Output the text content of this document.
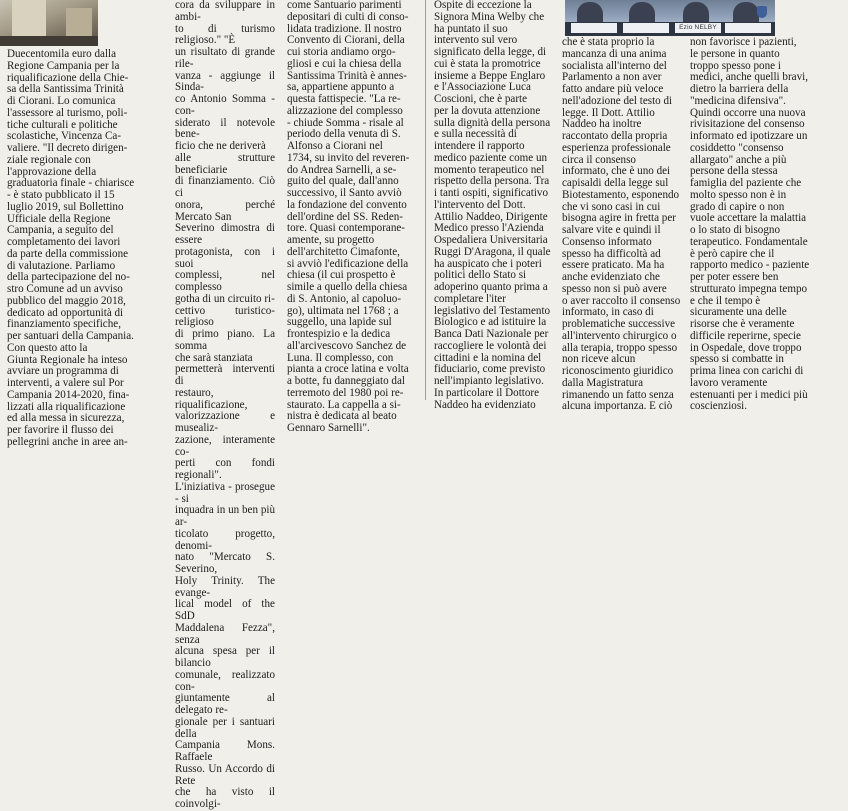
Ezio NELBY

Duecentomila euro dalla
Regione Campania per la
riqualificazione della Chie-
sa della Santissima Trinità
di Ciorani. Lo comunica
l'assessore al turismo, poli-
tiche culturali e politiche
scolastiche, Vincenza Ca-
valiere. "Il decreto dirigen-
ziale regionale con
l'approvazione della
graduatoria finale - chiarisce
- è stato pubblicato il 15
luglio 2019, sul Bollettino
Ufficiale della Regione
Campania, a seguito del
completamento dei lavori
da parte della commissione
di valutazione. Parliamo
della partecipazione del no-
stro Comune ad un avviso
pubblico del maggio 2018,
dedicato ad opportunità di
finanziamento specifiche,
per santuari della Campania.
Con questo atto la
Giunta Regionale ha inteso
avviare un programma di
interventi, a valere sul Por
Campania 2014-2020, fina-
lizzati alla riqualificazione
ed alla messa in sicurezza,
per favorire il flusso dei
pellegrini anche in aree an-

cora da sviluppare in ambi-
to di turismo religioso." "È
un risultato di grande rile-
vanza - aggiunge il Sinda-
co Antonio Somma - con-
siderato il notevole bene-
ficio che ne deriverà
alle strutture beneficiarie
di finanziamento. Ciò ci
onora, perché Mercato San
Severino dimostra di essere
protagonista, con i suoi
complessi, nel complesso
gotha di un circuito ri-
cettivo turistico-religioso
di primo piano. La somma
che sarà stanziata
permetterà interventi di
restauro, riqualificazione,
valorizzazione e musealiz-
zazione, interamente co-
perti con fondi regionali".
L'iniziativa - prosegue - si
inquadra in un ben più ar-
ticolato progetto, denomi-
nato "Mercato S. Severino,
Holy Trinity. The evange-
lical model of the SdD
Maddalena Fezza", senza
alcuna spesa per il bilancio
comunale, realizzato con-
giuntamente al delegato re-
gionale per i santuari della
Campania Mons. Raffaele
Russo. Un Accordo di Rete
che ha visto il coinvolgi-

come Santuario parimenti
depositari di culti di conso-
lidata tradizione. Il nostro
Convento di Ciorani, della
cui storia andiamo orgo-
gliosi e cui la chiesa della
Santissima Trinità è annes-
sa, appartiene appunto a
questa fattispecie. "La re-
alizzazione del complesso
- chiude Somma - risale al
periodo della venuta di S.
Alfonso a Ciorani nel
1734, su invito del reveren-
do Andrea Sarnelli, a se-
guito del quale, dall'anno
successivo, il Santo avviò
la fondazione del convento
dell'ordine del SS. Reden-
tore. Quasi contemporane-
amente, su progetto
dell'architetto Cimafonte,
si avviò l'edificazione della
chiesa (il cui prospetto è
simile a quello della chiesa
di S. Antonio, al capoluo-
go), ultimata nel 1768 ; a
suggello, una lapide sul
frontespizio e la dedica
all'arcivescovo Sanchez de
Luna. Il complesso, con
pianta a croce latina e volta
a botte, fu danneggiato dal
terremoto del 1980 poi re-
staurato. La cappella a si-
nistra è dedicata al beato
Gennaro Sarnelli".

Ospite di eccezione la
Signora Mina Welby che
ha puntato il suo
intervento sul vero
significato della legge, di
cui è stata la promotrice
insieme a Beppe Englaro
e l'Associazione Luca
Coscioni, che è parte
per la dovuta attenzione
sulla dignità della persona
e sulla necessità di
intendere il rapporto
medico paziente come un
momento terapeutico nel
rispetto della persona. Tra
i tanti ospiti, significativo
l'intervento del Dott.
Attilio Naddeo, Dirigente
Medico presso l'Azienda
Ospedaliera Universitaria
Ruggi D'Aragona, il quale
ha auspicato che i poteri
politici dello Stato si
adoperino quanto prima a
completare l'iter
legislativo del Testamento
Biologico e ad istituire la
Banca Dati Nazionale per
raccogliere le volontà dei
cittadini e la nomina del
fiduciario, come previsto
nell'impianto legislativo.
In particolare il Dottore
Naddeo ha evidenziato

che è stata proprio la
mancanza di una anima
socialista all'interno del
Parlamento a non aver
fatto andare più veloce
nell'adozione del testo di
legge. Il Dott. Attilio
Naddeo ha inoltre
raccontato della propria
esperienza professionale
circa il consenso
informato, che è uno dei
capisaldi della legge sul
Biotestamento, esponendo
che vi sono casi in cui
bisogna agire in fretta per
salvare vite e quindi il
Consenso informato
spesso ha difficoltà ad
essere praticato. Ma ha
anche evidenziato che
spesso non si può avere
o aver raccolto il consenso
informato, in caso di
problematiche successive
all'intervento chirurgico o
alla terapia, troppo spesso
non riceve alcun
riconoscimento giuridico
dalla Magistratura
rimanendo un fatto senza
alcuna importanza. E ciò

non favorisce i pazienti,
le persone in quanto
troppo spesso pone i
medici, anche quelli bravi,
dietro la barriera della
"medicina difensiva".
Quindi occorre una nuova
rivisitazione del consenso
informato ed ipotizzare un
cosiddetto "consenso
allargato" anche a più
persone della stessa
famiglia del paziente che
molto spesso non è in
grado di capire o non
vuole accettare la malattia
o lo stato di bisogno
terapeutico. Fondamentale
è però capire che il
rapporto medico - paziente
per poter essere ben
strutturato impegna tempo
e che il tempo è
sicuramente una delle
risorse che è veramente
difficile reperirne, specie
in Ospedale, dove troppo
spesso si combatte in
prima linea con carichi di
lavoro veramente
estenuanti per i medici più
coscienziosi.
